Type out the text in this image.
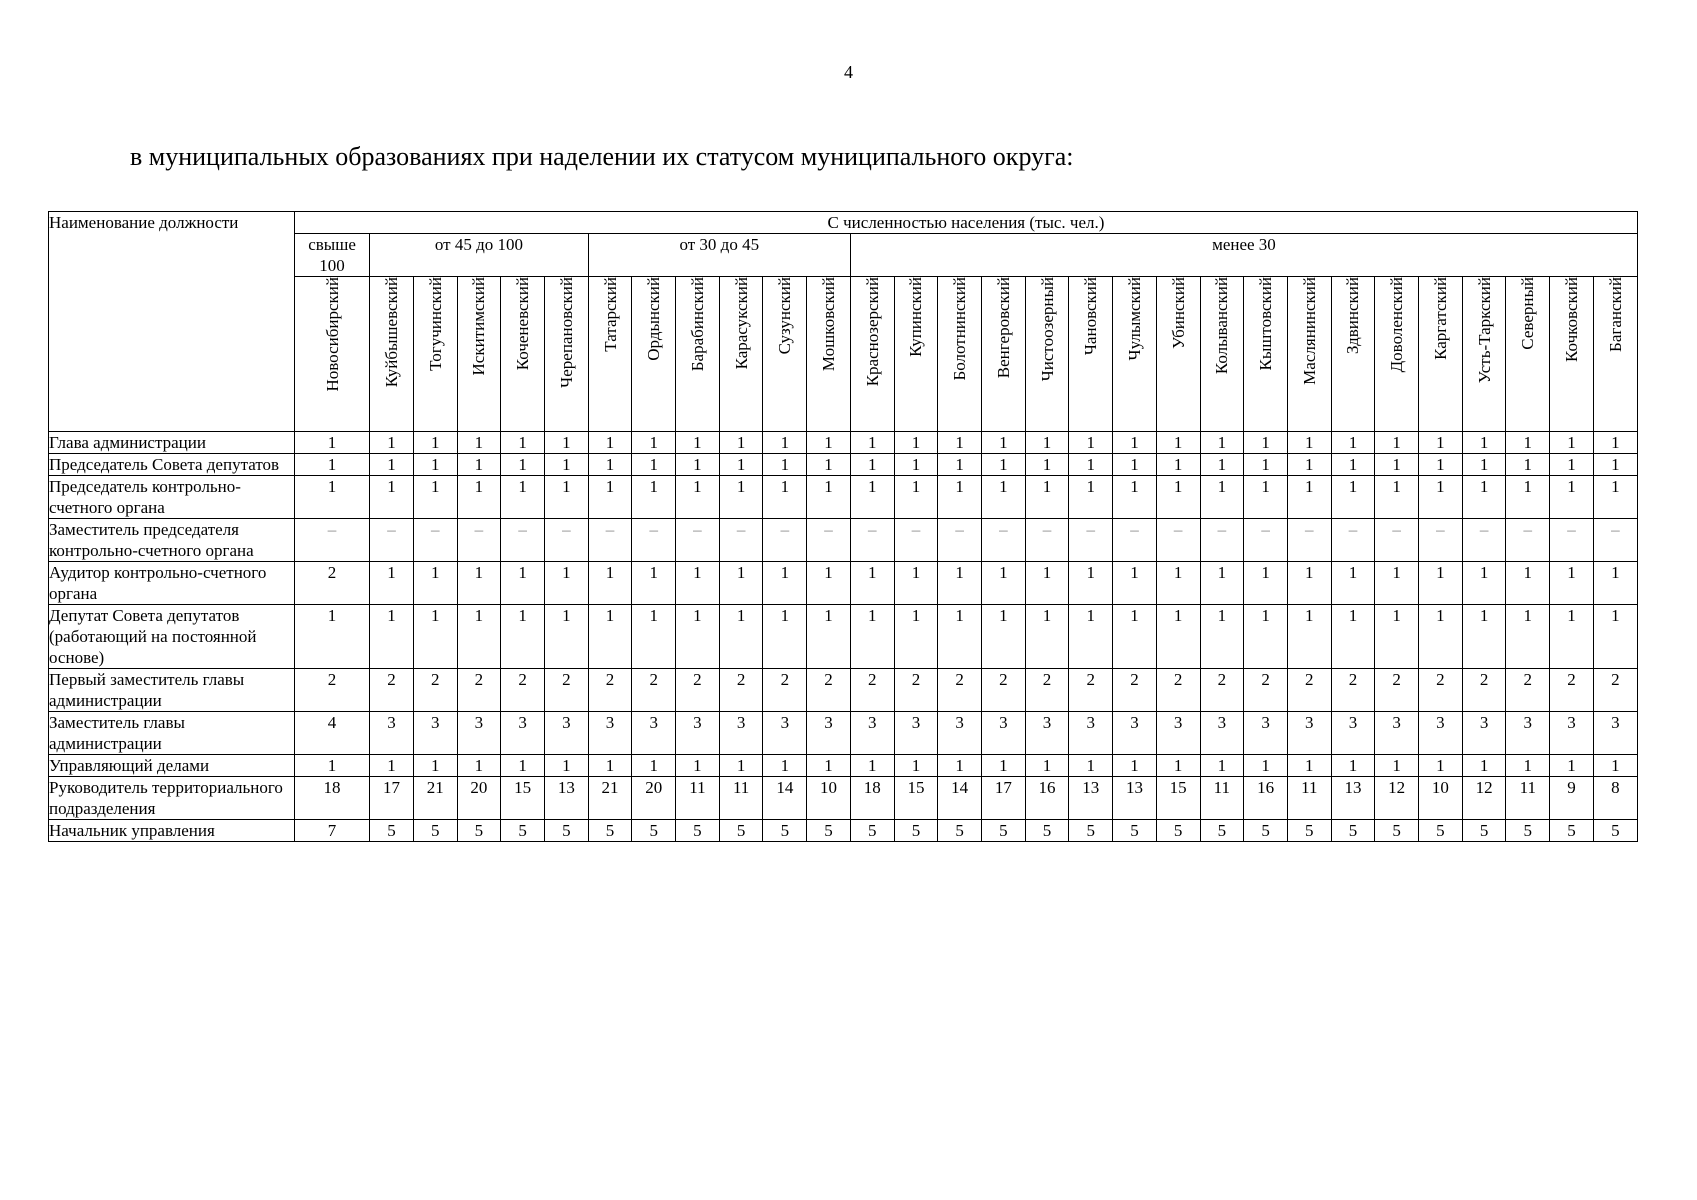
4
в муниципальных образованиях при наделении их статусом муниципального округа:
Наименование должности	С численностью населения (тыс. чел.)																													
	свыше 100	от 45 до 100					от 30 до 45						менее 30																	
	Новосибирский	Куйбышевский	Тогучинский	Искитимский	Коченевский	Черепановский	Татарский	Ордынский	Барабинский	Карасукский	Сузунский	Мошковский	Краснозерский	Купинский	Болотнинский	Венгеровский	Чистоозерный	Чановский	Чулымский	Убинский	Колыванский	Кыштовский	Маслянинский	Здвинский	Доволенский	Каргатский	Усть-Таркский	Северный	Кочковский	Баганский
Глава администрации	1	1	1	1	1	1	1	1	1	1	1	1	1	1	1	1	1	1	1	1	1	1	1	1	1	1	1	1	1	1
Председатель Совета депутатов	1	1	1	1	1	1	1	1	1	1	1	1	1	1	1	1	1	1	1	1	1	1	1	1	1	1	1	1	1	1
Председатель контрольно-счетного органа	1	1	1	1	1	1	1	1	1	1	1	1	1	1	1	1	1	1	1	1	1	1	1	1	1	1	1	1	1	1
Заместитель председателя контрольно-счетного органа	–	–	–	–	–	–	–	–	–	–	–	–	–	–	–	–	–	–	–	–	–	–	–	–	–	–	–	–	–	–
Аудитор контрольно-счетного органа	2	1	1	1	1	1	1	1	1	1	1	1	1	1	1	1	1	1	1	1	1	1	1	1	1	1	1	1	1	1
Депутат Совета депутатов (работающий на постоянной основе)	1	1	1	1	1	1	1	1	1	1	1	1	1	1	1	1	1	1	1	1	1	1	1	1	1	1	1	1	1	1
Первый заместитель главы администрации	2	2	2	2	2	2	2	2	2	2	2	2	2	2	2	2	2	2	2	2	2	2	2	2	2	2	2	2	2	2
Заместитель главы администрации	4	3	3	3	3	3	3	3	3	3	3	3	3	3	3	3	3	3	3	3	3	3	3	3	3	3	3	3	3	3
Управляющий делами	1	1	1	1	1	1	1	1	1	1	1	1	1	1	1	1	1	1	1	1	1	1	1	1	1	1	1	1	1	1
Руководитель территориального подразделения	18	17	21	20	15	13	21	20	11	11	14	10	18	15	14	17	16	13	13	15	11	16	11	13	12	10	12	11	9	8
Начальник управления	7	5	5	5	5	5	5	5	5	5	5	5	5	5	5	5	5	5	5	5	5	5	5	5	5	5	5	5	5	5
